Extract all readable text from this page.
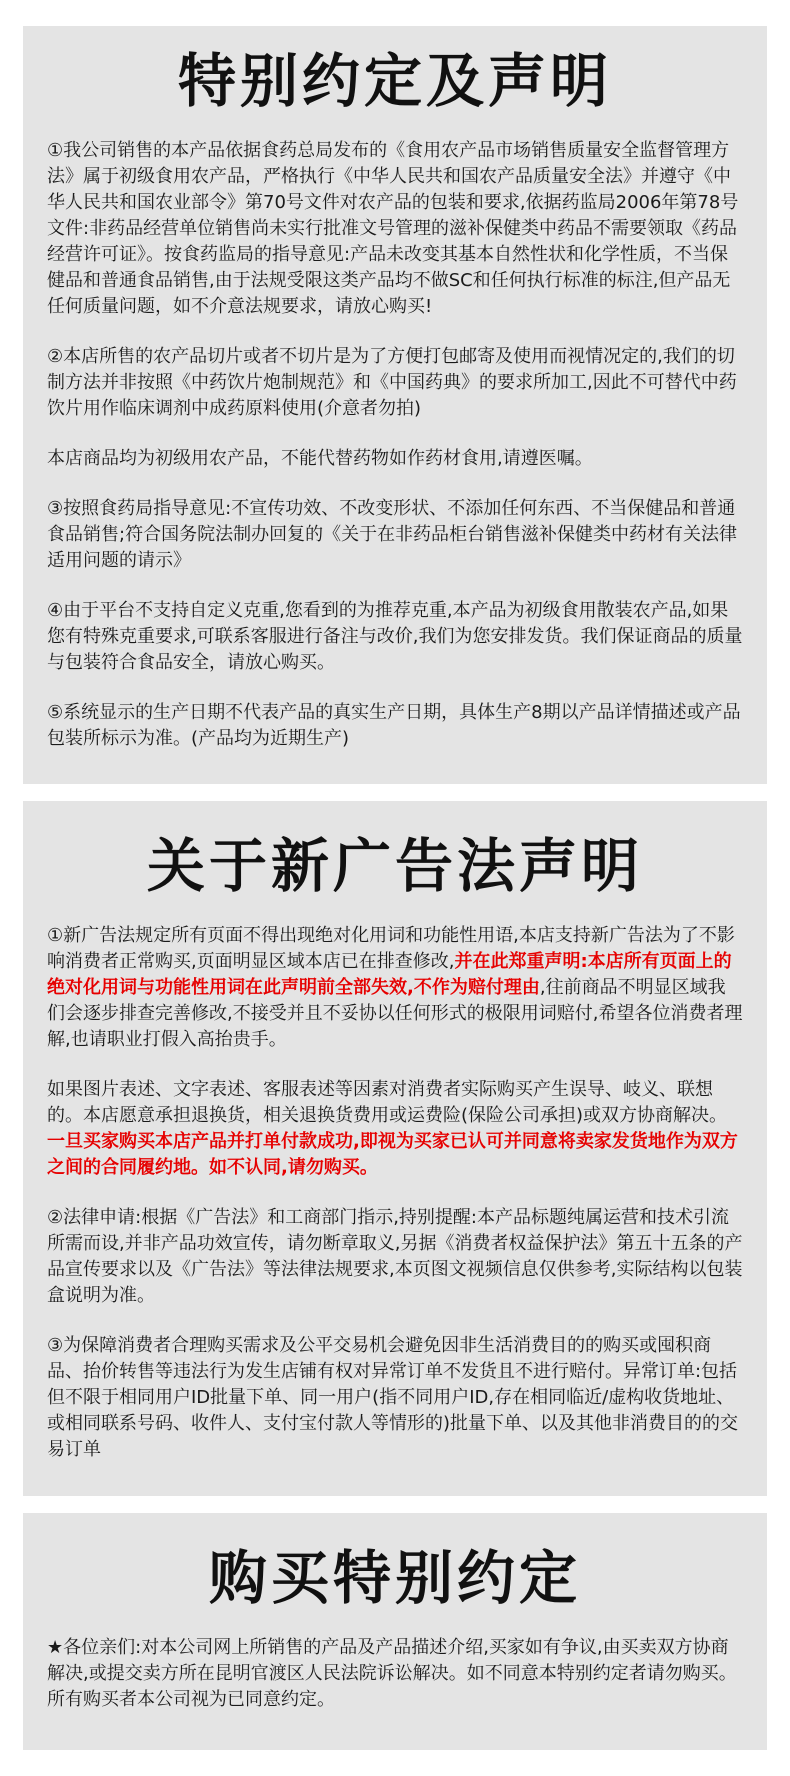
特别约定及声明

①我公司销售的本产品依据食药总局发布的《食用农产品市场销售质量安全监督管理方法》属于初级食用农产品，严格执行《中华人民共和国农产品质量安全法》并遵守《中华人民共和国农业部令》第70号文件对农产品的包装和要求,依据药监局2006年第78号文件:非药品经营单位销售尚未实行批准文号管理的滋补保健类中药品不需要领取《药品经营许可证》。按食药监局的指导意见:产品未改变其基本自然性状和化学性质，不当保健品和普通食品销售,由于法规受限这类产品均不做SC和任何执行标准的标注,但产品无任何质量问题，如不介意法规要求，请放心购买!

②本店所售的农产品切片或者不切片是为了方便打包邮寄及使用而视情况定的,我们的切制方法并非按照《中药饮片炮制规范》和《中国药典》的要求所加工,因此不可替代中药饮片用作临床调剂中成药原料使用(介意者勿拍)

本店商品均为初级用农产品，不能代替药物如作药材食用,请遵医嘱。

③按照食药局指导意见:不宣传功效、不改变形状、不添加任何东西、不当保健品和普通食品销售;符合国务院法制办回复的《关于在非药品柜台销售滋补保健类中药材有关法律适用问题的请示》

④由于平台不支持自定义克重,您看到的为推荐克重,本产品为初级食用散装农产品,如果您有特殊克重要求,可联系客服进行备注与改价,我们为您安排发货。我们保证商品的质量与包装符合食品安全，请放心购买。

⑤系统显示的生产日期不代表产品的真实生产日期，具体生产8期以产品详情描述或产品包装所标示为准。(产品均为近期生产)

关于新广告法声明

①新广告法规定所有页面不得出现绝对化用词和功能性用语,本店支持新广告法为了不影响消费者正常购买,页面明显区域本店已在排查修改,并在此郑重声明:本店所有页面上的绝对化用词与功能性用词在此声明前全部失效,不作为赔付理由,往前商品不明显区域我们会逐步排查完善修改,不接受并且不妥协以任何形式的极限用词赔付,希望各位消费者理解,也请职业打假入高抬贵手。

如果图片表述、文字表述、客服表述等因素对消费者实际购买产生误导、岐义、联想的。本店愿意承担退换货，相关退换货费用或运费险(保险公司承担)或双方协商解决。一旦买家购买本店产品并打单付款成功,即视为买家已认可并同意将卖家发货地作为双方之间的合同履约地。如不认同,请勿购买。

②法律申请:根据《广告法》和工商部门指示,持别提醒:本产品标题纯属运营和技术引流所需而设,并非产品功效宣传，请勿断章取义,另据《消费者权益保护法》第五十五条的产品宣传要求以及《广告法》等法律法规要求,本页图文视频信息仅供参考,实际结构以包装盒说明为准。

③为保障消费者合理购买需求及公平交易机会避免因非生活消费目的的购买或囤积商品、抬价转售等违法行为发生店铺有权对异常订单不发货且不进行赔付。异常订单:包括但不限于相同用户ID批量下单、同一用户(指不同用户ID,存在相同临近/虚构收货地址、或相同联系号码、收件人、支付宝付款人等情形的)批量下单、以及其他非消费目的的交易订单

购买特别约定

★各位亲们:对本公司网上所销售的产品及产品描述介绍,买家如有争议,由买卖双方协商解决,或提交卖方所在昆明官渡区人民法院诉讼解决。如不同意本特别约定者请勿购买。所有购买者本公司视为已同意约定。
